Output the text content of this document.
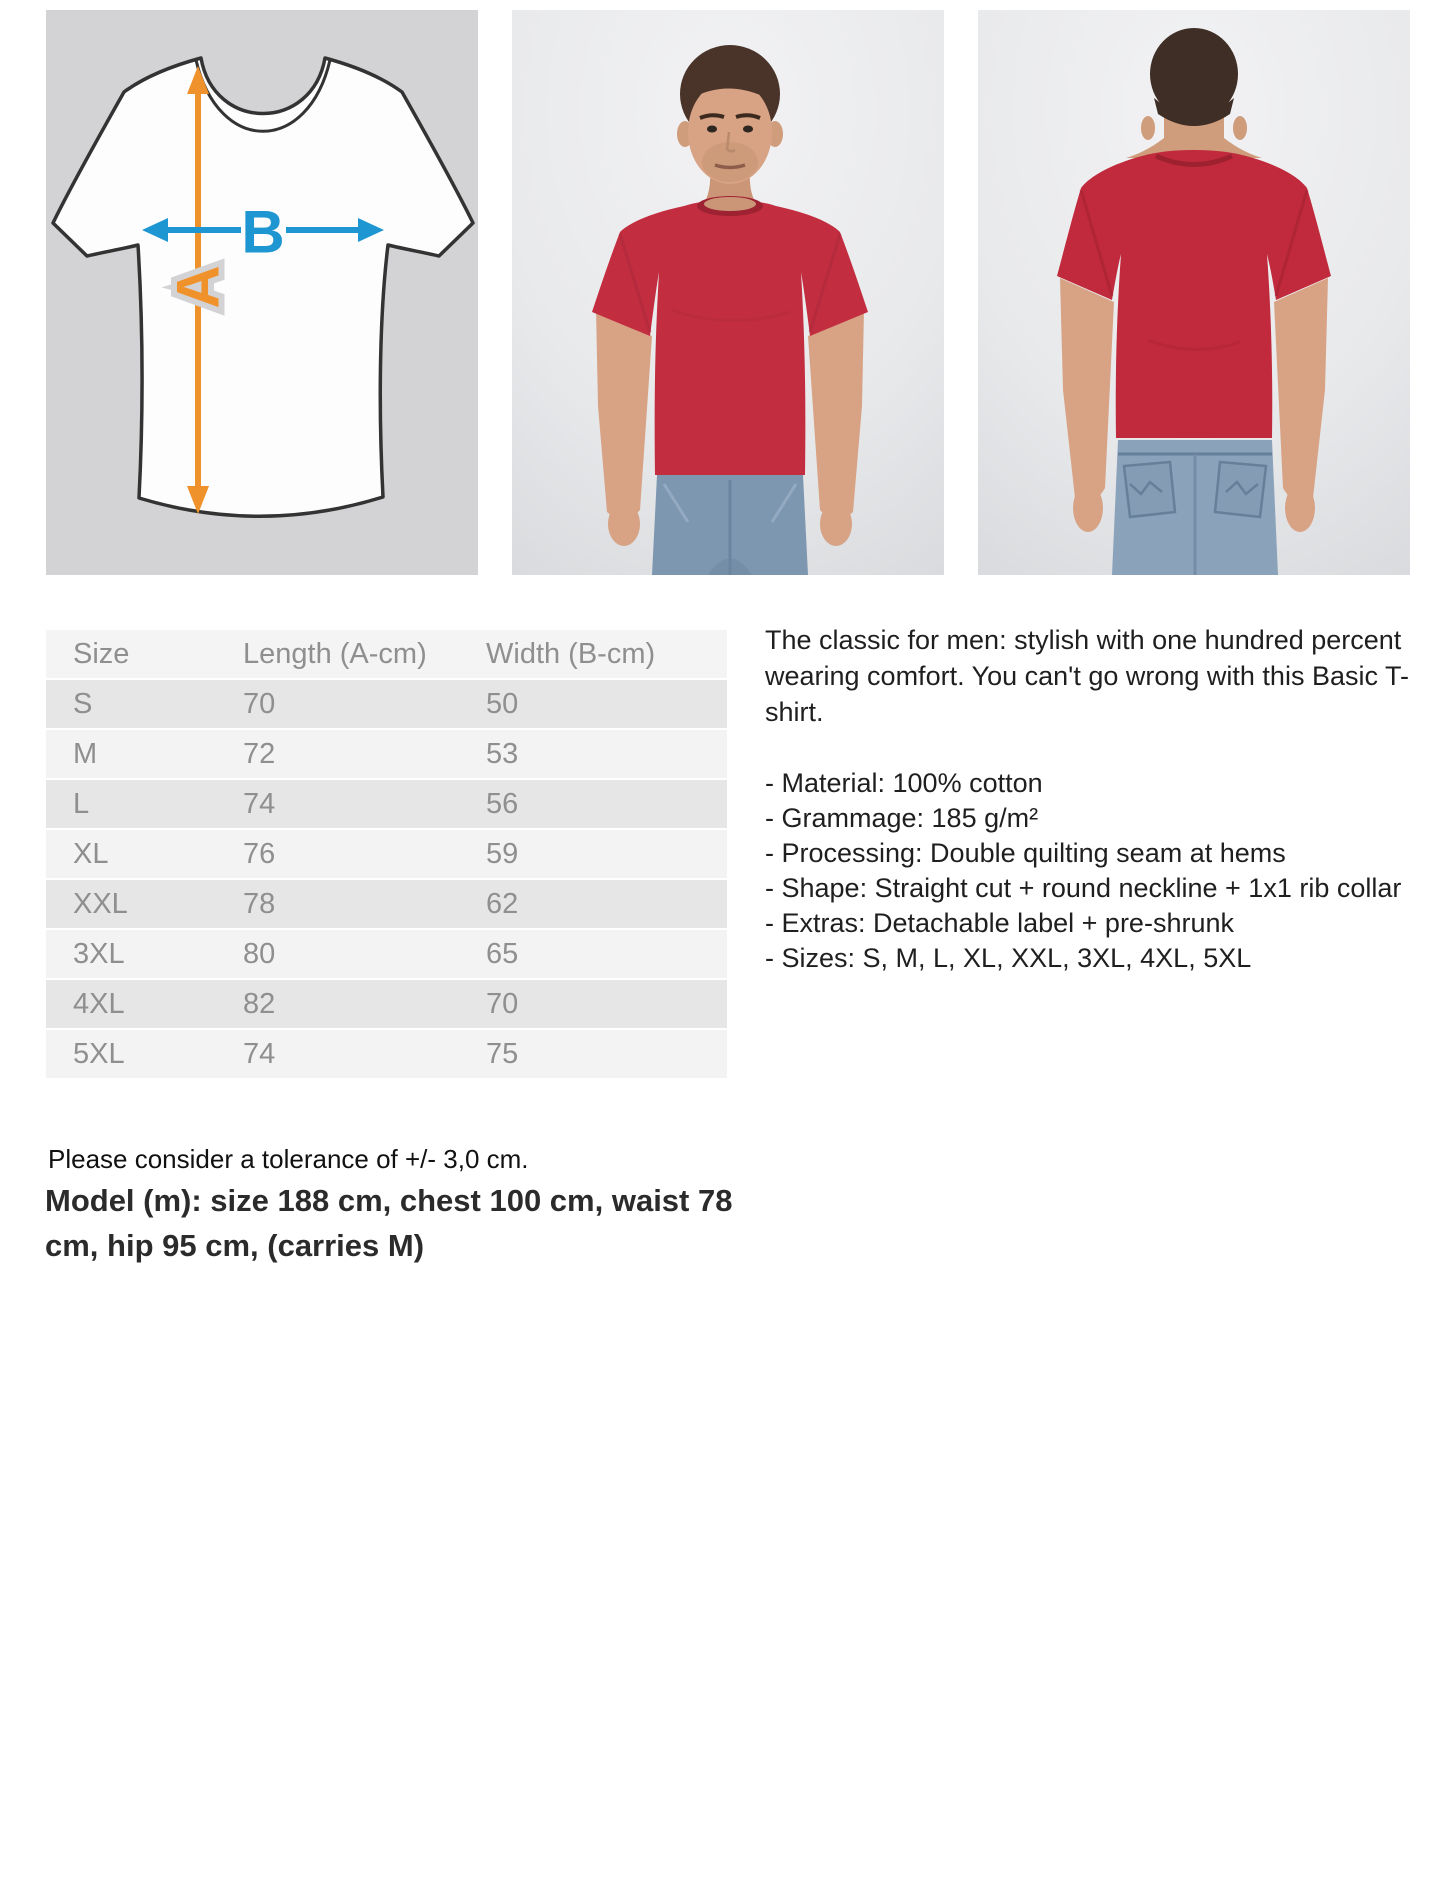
A
B
Size	Length (A-cm)	Width (B-cm)
S	70	50
M	72	53
L	74	56
XL	76	59
XXL	78	62
3XL	80	65
4XL	82	70
5XL	74	75

The classic for men: stylish with one hundred percent wearing comfort. You can't go wrong with this Basic T-shirt.

- Material: 100% cotton
- Grammage: 185 g/m²
- Processing: Double quilting seam at hems
- Shape: Straight cut + round neckline + 1x1 rib collar
- Extras: Detachable label + pre-shrunk
- Sizes: S, M, L, XL, XXL, 3XL, 4XL, 5XL
Please consider a tolerance of +/- 3,0 cm.
Model (m): size 188 cm, chest 100 cm, waist 78
cm, hip 95 cm, (carries M)
